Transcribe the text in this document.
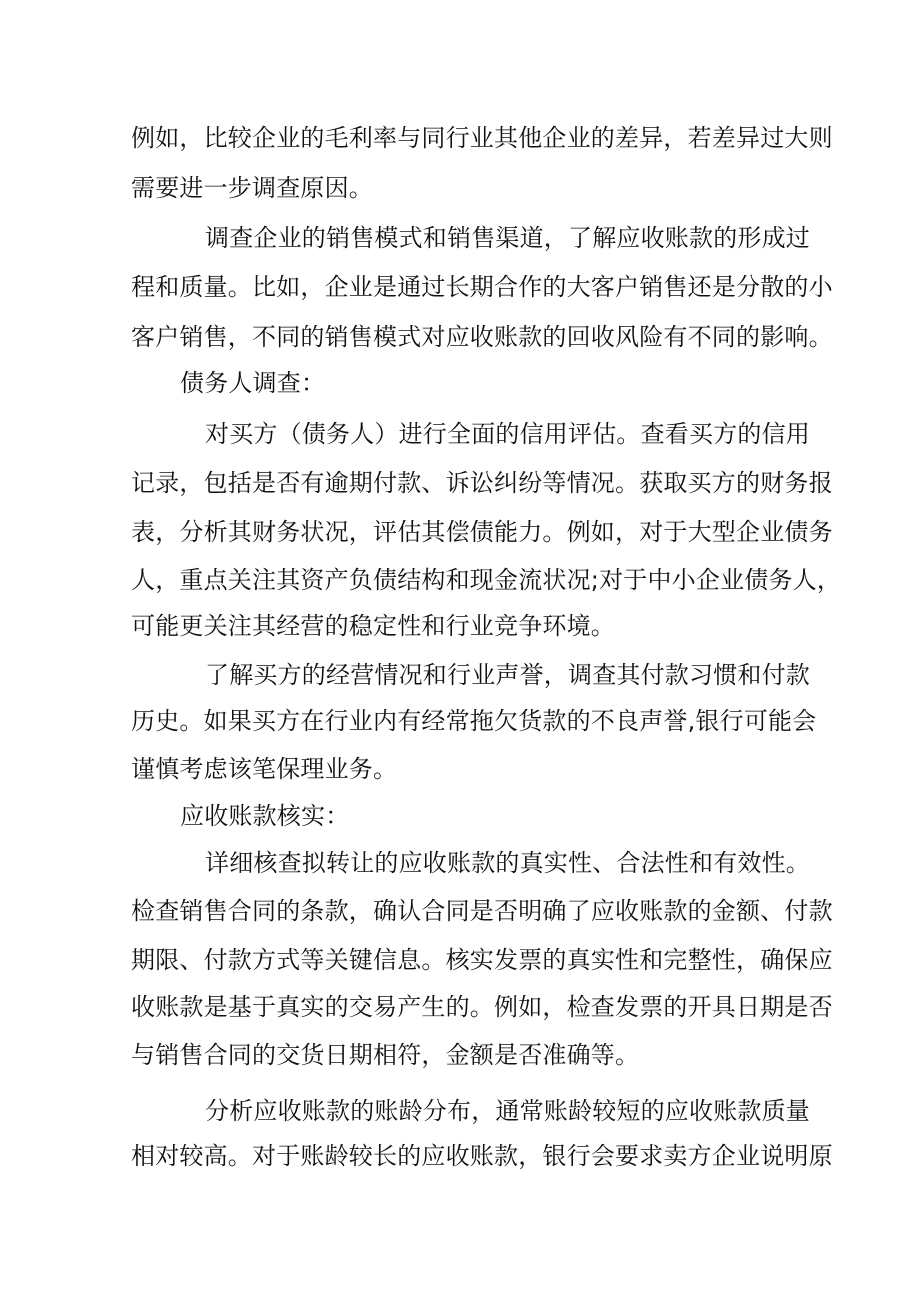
例如，比较企业的毛利率与同行业其他企业的差异，若差异过大则
需要进一步调查原因。
调查企业的销售模式和销售渠道，了解应收账款的形成过
程和质量。比如，企业是通过长期合作的大客户销售还是分散的小
客户销售，不同的销售模式对应收账款的回收风险有不同的影响。
债务人调查：
对买方（债务人）进行全面的信用评估。查看买方的信用
记录，包括是否有逾期付款、诉讼纠纷等情况。获取买方的财务报
表，分析其财务状况，评估其偿债能力。例如，对于大型企业债务
人，重点关注其资产负债结构和现金流状况;对于中小企业债务人，
可能更关注其经营的稳定性和行业竞争环境。
了解买方的经营情况和行业声誉，调查其付款习惯和付款
历史。如果买方在行业内有经常拖欠货款的不良声誉,银行可能会
谨慎考虑该笔保理业务。
应收账款核实：
详细核查拟转让的应收账款的真实性、合法性和有效性。
检查销售合同的条款，确认合同是否明确了应收账款的金额、付款
期限、付款方式等关键信息。核实发票的真实性和完整性，确保应
收账款是基于真实的交易产生的。例如，检查发票的开具日期是否
与销售合同的交货日期相符，金额是否准确等。
分析应收账款的账龄分布，通常账龄较短的应收账款质量
相对较高。对于账龄较长的应收账款，银行会要求卖方企业说明原
